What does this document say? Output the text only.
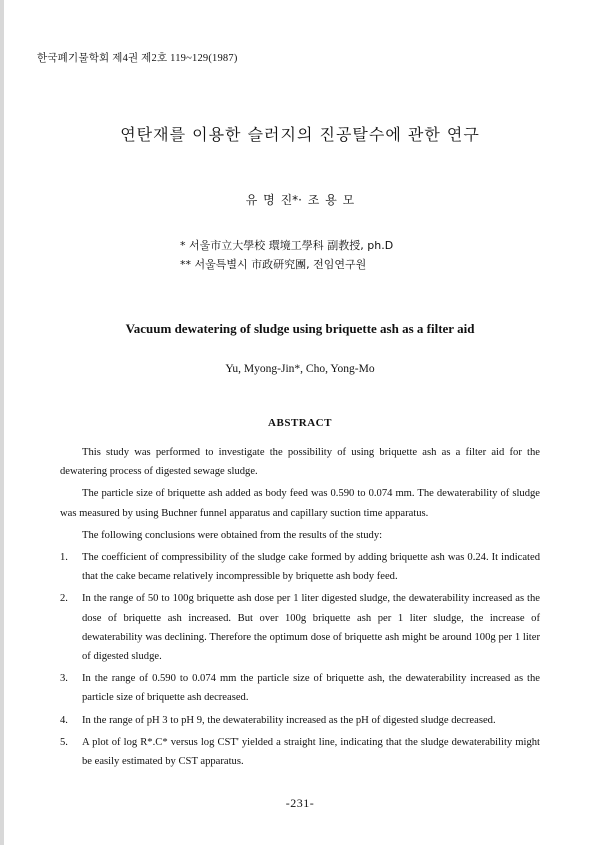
한국폐기물학회 제4권 제2호 119~129(1987)
연탄재를 이용한 슬러지의 진공탈수에 관한 연구
유 명 진*· 조 용 모
* 서울市立大學校 環境工學科 副教授, ph.D
** 서울특별시 市政研究團, 전임연구원
Vacuum dewatering of sludge using briquette ash as a filter aid
Yu, Myong-Jin*, Cho, Yong-Mo
ABSTRACT

This study was performed to investigate the possibility of using briquette ash as a filter aid for the dewatering process of digested sewage sludge.

The particle size of briquette ash added as body feed was 0.590 to 0.074 mm. The dewaterability of sludge was measured by using Buchner funnel apparatus and capillary suction time apparatus.

The following conclusions were obtained from the results of the study:

1. The coefficient of compressibility of the sludge cake formed by adding briquette ash was 0.24. It indicated that the cake became relatively incompressible by briquette ash body feed.
2. In the range of 50 to 100g briquette ash dose per 1 liter digested sludge, the dewaterability increased as the dose of briquette ash increased. But over 100g briquette ash per 1 liter sludge, the increase of dewaterability was declining. Therefore the optimum dose of briquette ash might be around 100g per 1 liter of digested sludge.
3. In the range of 0.590 to 0.074 mm the particle size of briquette ash, the dewaterability increased as the particle size of briquette ash decreased.
4. In the range of pH 3 to pH 9, the dewaterability increased as the pH of digested sludge decreased.
5. A plot of log R*.C* versus log CST' yielded a straight line, indicating that the sludge dewaterability might be easily estimated by CST apparatus.
-231-
